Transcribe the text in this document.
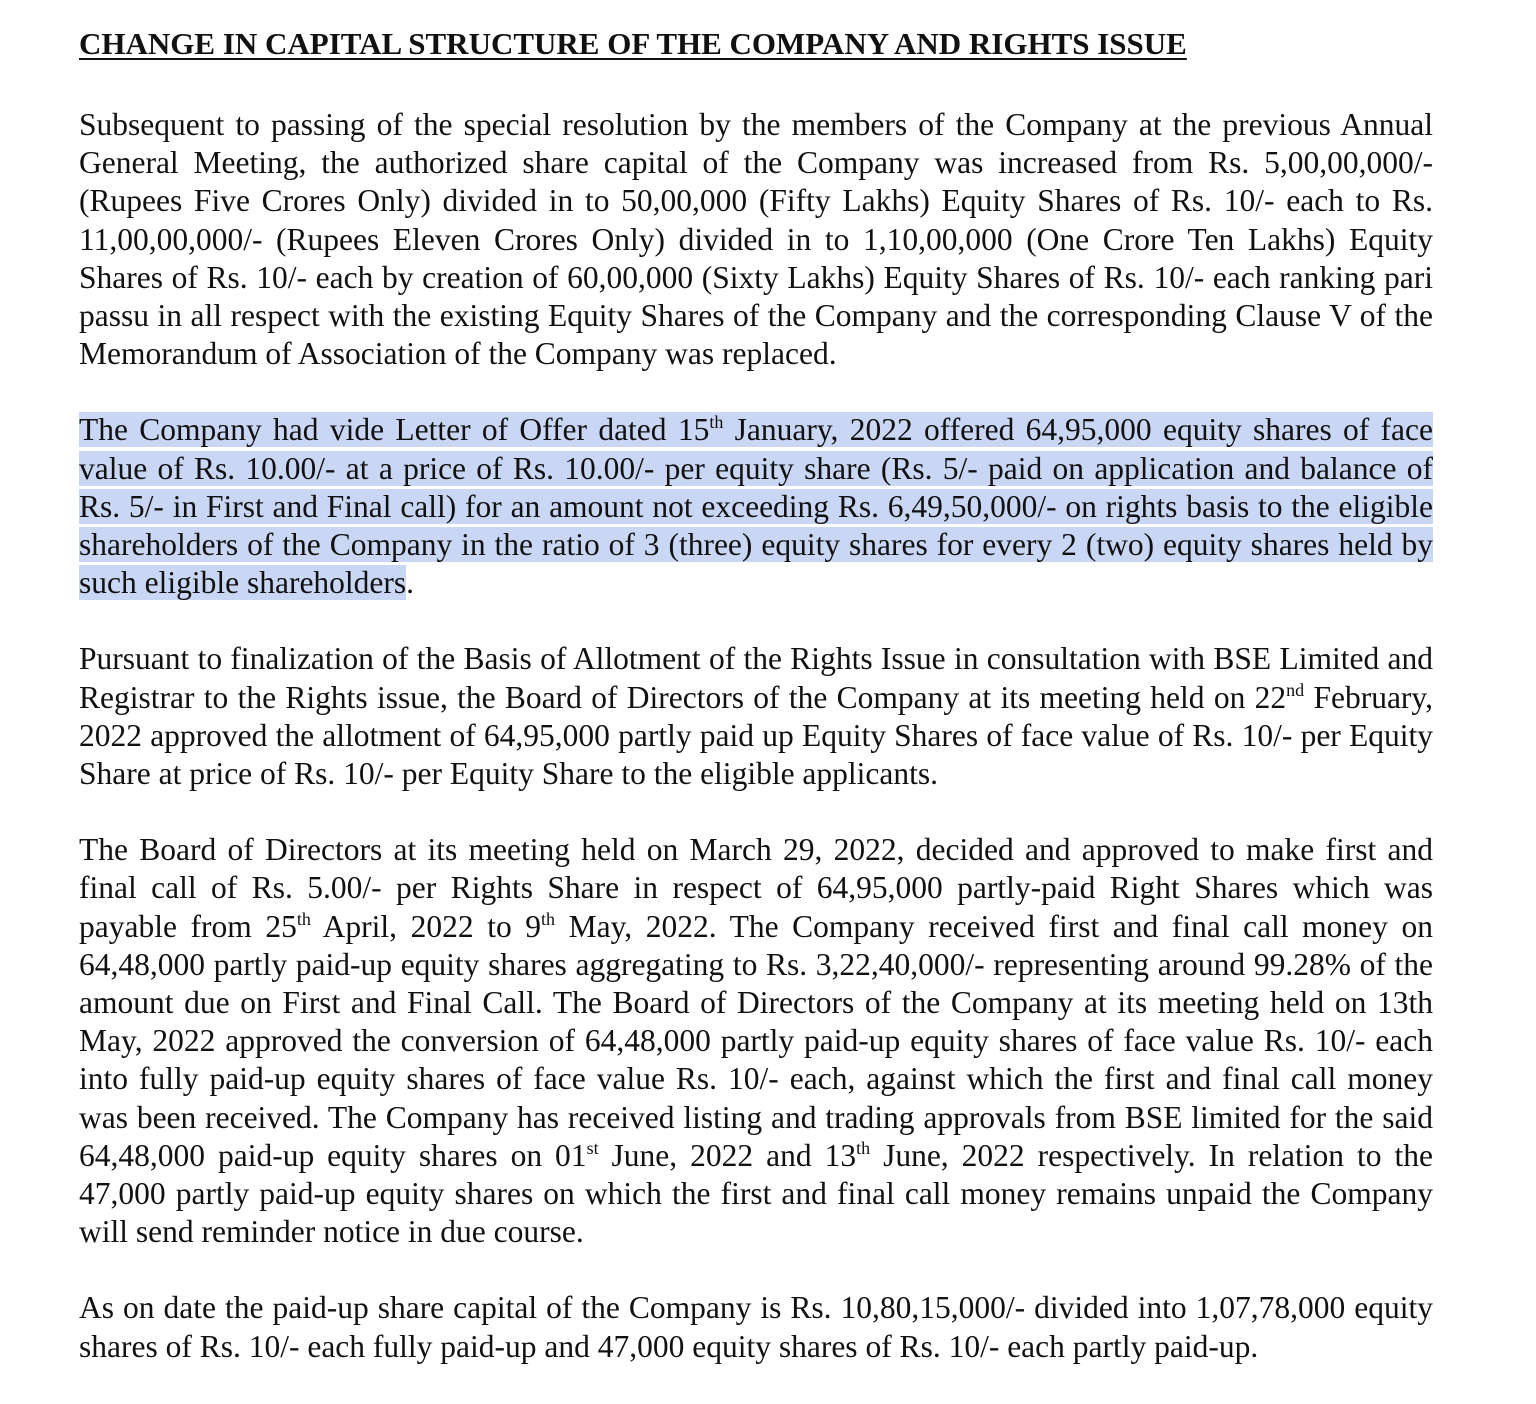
CHANGE IN CAPITAL STRUCTURE OF THE COMPANY AND RIGHTS ISSUE

Subsequent to passing of the special resolution by the members of the Company at the previous Annual General Meeting, the authorized share capital of the Company was increased from Rs. 5,00,00,000/- (Rupees Five Crores Only) divided in to 50,00,000 (Fifty Lakhs) Equity Shares of Rs. 10/- each to Rs. 11,00,00,000/- (Rupees Eleven Crores Only) divided in to 1,10,00,000 (One Crore Ten Lakhs) Equity Shares of Rs. 10/- each by creation of 60,00,000 (Sixty Lakhs) Equity Shares of Rs. 10/- each ranking pari passu in all respect with the existing Equity Shares of the Company and the corresponding Clause V of the Memorandum of Association of the Company was replaced.

The Company had vide Letter of Offer dated 15th January, 2022 offered 64,95,000 equity shares of face value of Rs. 10.00/- at a price of Rs. 10.00/- per equity share (Rs. 5/- paid on application and balance of Rs. 5/- in First and Final call) for an amount not exceeding Rs. 6,49,50,000/- on rights basis to the eligible shareholders of the Company in the ratio of 3 (three) equity shares for every 2 (two) equity shares held by such eligible shareholders.

Pursuant to finalization of the Basis of Allotment of the Rights Issue in consultation with BSE Limited and Registrar to the Rights issue, the Board of Directors of the Company at its meeting held on 22nd February, 2022 approved the allotment of 64,95,000 partly paid up Equity Shares of face value of Rs. 10/- per Equity Share at price of Rs. 10/- per Equity Share to the eligible applicants.

The Board of Directors at its meeting held on March 29, 2022, decided and approved to make first and final call of Rs. 5.00/- per Rights Share in respect of 64,95,000 partly-paid Right Shares which was payable from 25th April, 2022 to 9th May, 2022. The Company received first and final call money on 64,48,000 partly paid-up equity shares aggregating to Rs. 3,22,40,000/- representing around 99.28% of the amount due on First and Final Call. The Board of Directors of the Company at its meeting held on 13th May, 2022 approved the conversion of 64,48,000 partly paid-up equity shares of face value Rs. 10/- each into fully paid-up equity shares of face value Rs. 10/- each, against which the first and final call money was been received. The Company has received listing and trading approvals from BSE limited for the said 64,48,000 paid-up equity shares on 01st June, 2022 and 13th June, 2022 respectively. In relation to the 47,000 partly paid-up equity shares on which the first and final call money remains unpaid the Company will send reminder notice in due course.

As on date the paid-up share capital of the Company is Rs. 10,80,15,000/- divided into 1,07,78,000 equity shares of Rs. 10/- each fully paid-up and 47,000 equity shares of Rs. 10/- each partly paid-up.
